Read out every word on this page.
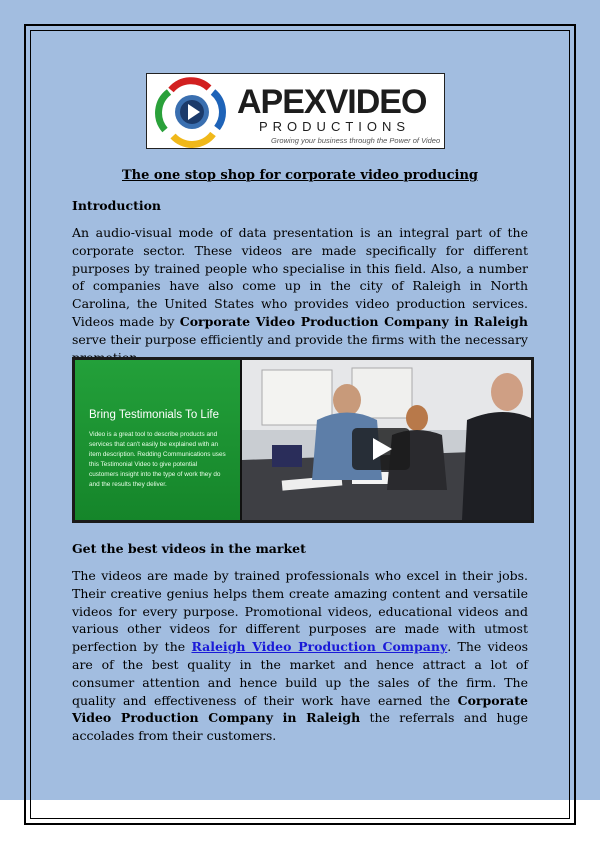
APEXVIDEO
PRODUCTIONS
Growing your business through the Power of Video
The one stop shop for corporate video producing
Introduction
An audio-visual mode of data presentation is an integral part of the corporate sector. These videos are made specifically for different purposes by trained people who specialise in this field. Also, a number of companies have also come up in the city of Raleigh in North Carolina, the United States who provides video production services. Videos made by Corporate Video Production Company in Raleigh serve their purpose efficiently and provide the firms with the necessary
Bring Testimonials To Life
Video is a great tool to describe products and services that can't easily be explained with an item description. Redding Communications uses this Testimonial Video to give potential customers insight into the type of work they do and the results they deliver.
Get the best videos in the market
The videos are made by trained professionals who excel in their jobs. Their creative genius helps them create amazing content and versatile videos for every purpose. Promotional videos, educational videos and various other videos for different purposes are made with utmost perfection by the Raleigh Video Production Company. The videos are of the best quality in the market and hence attract a lot of consumer attention and hence build up the sales of the firm. The quality and effectiveness of their work have earned the Corporate Video Production Company in Raleigh the referrals and huge accolades from their customers.
